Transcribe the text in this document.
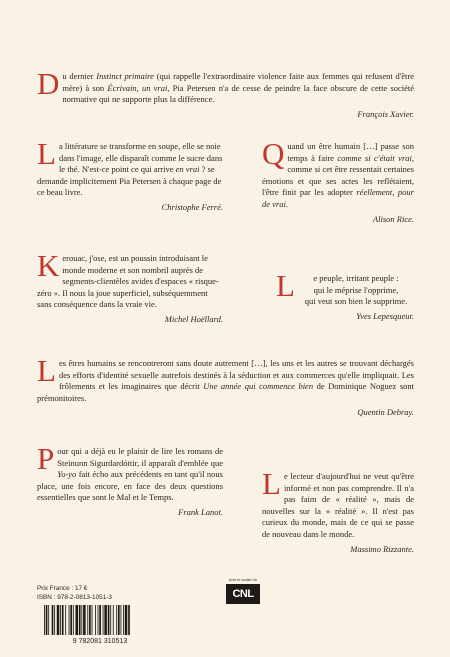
D u dernier Instinct primaire (qui rappelle l'extraordinaire violence faite aux femmes qui refusent d'être mère) à son Écrivain, un vrai, Pia Petersen n'a de cesse de peindre la face obscure de cette société normative qui ne supporte plus la différence.

François Xavier.
L a littérature se transforme en soupe, elle se noie dans l'image, elle disparaît comme le sucre dans le thé. N'est-ce point ce qui arrive en vrai ? se demande implicitement Pia Petersen à chaque page de ce beau livre.

Christophe Ferré.
Q uand un être humain […] passe son temps à faire comme si c'était vrai, comme si cet être ressentait certaines émotions et que ses actes les reflétaient, l'être finit par les adopter réellement, pour de vrai.

Alison Rice.
K erouac, j'ose, est un poussin introduisant le monde moderne et son nombril auprès de segments-clientèles avides d'espaces « risque-zéro ». Il nous la joue superficiel, subséquemment sans conséquence dans la vraie vie.

Michel Hoëllard.
L	e peuple, irritant peuple :
qui le méprise l'opprime,
qui veut son bien le supprime.

Yves Lepesqueur.
L es êtres humains se rencontreront sans doute autrement […], les uns et les autres se trouvant déchargés des efforts d'identité sexuelle autrefois destinés à la séduction et aux commerces qu'elle impliquait. Les frôlements et les imaginaires que décrit Une année qui commence bien de Dominique Noguez sont prémonitoires.

Quentin Debray.
P our qui a déjà eu le plaisir de lire les romans de Steinunn Sigurdardóttir, il apparaît d'emblée que Yo-yo fait écho aux précédents en tant qu'il nous place, une fois encore, en face des deux questions essentielles que sont le Mal et le Temps.

Frank Lanot.
L e lecteur d'aujourd'hui ne veut qu'être informé et non pas comprendre. Il n'a pas faim de « réalité », mais de nouvelles sur la « réalité ». Il n'est pas curieux du monde, mais de ce qui se passe de nouveau dans le monde.

Massimo Rizzante.
Prix France : 17 €
ISBN : 978-2-0813-1051-3
Avec le soutien du
CNL
9 782081 310513
